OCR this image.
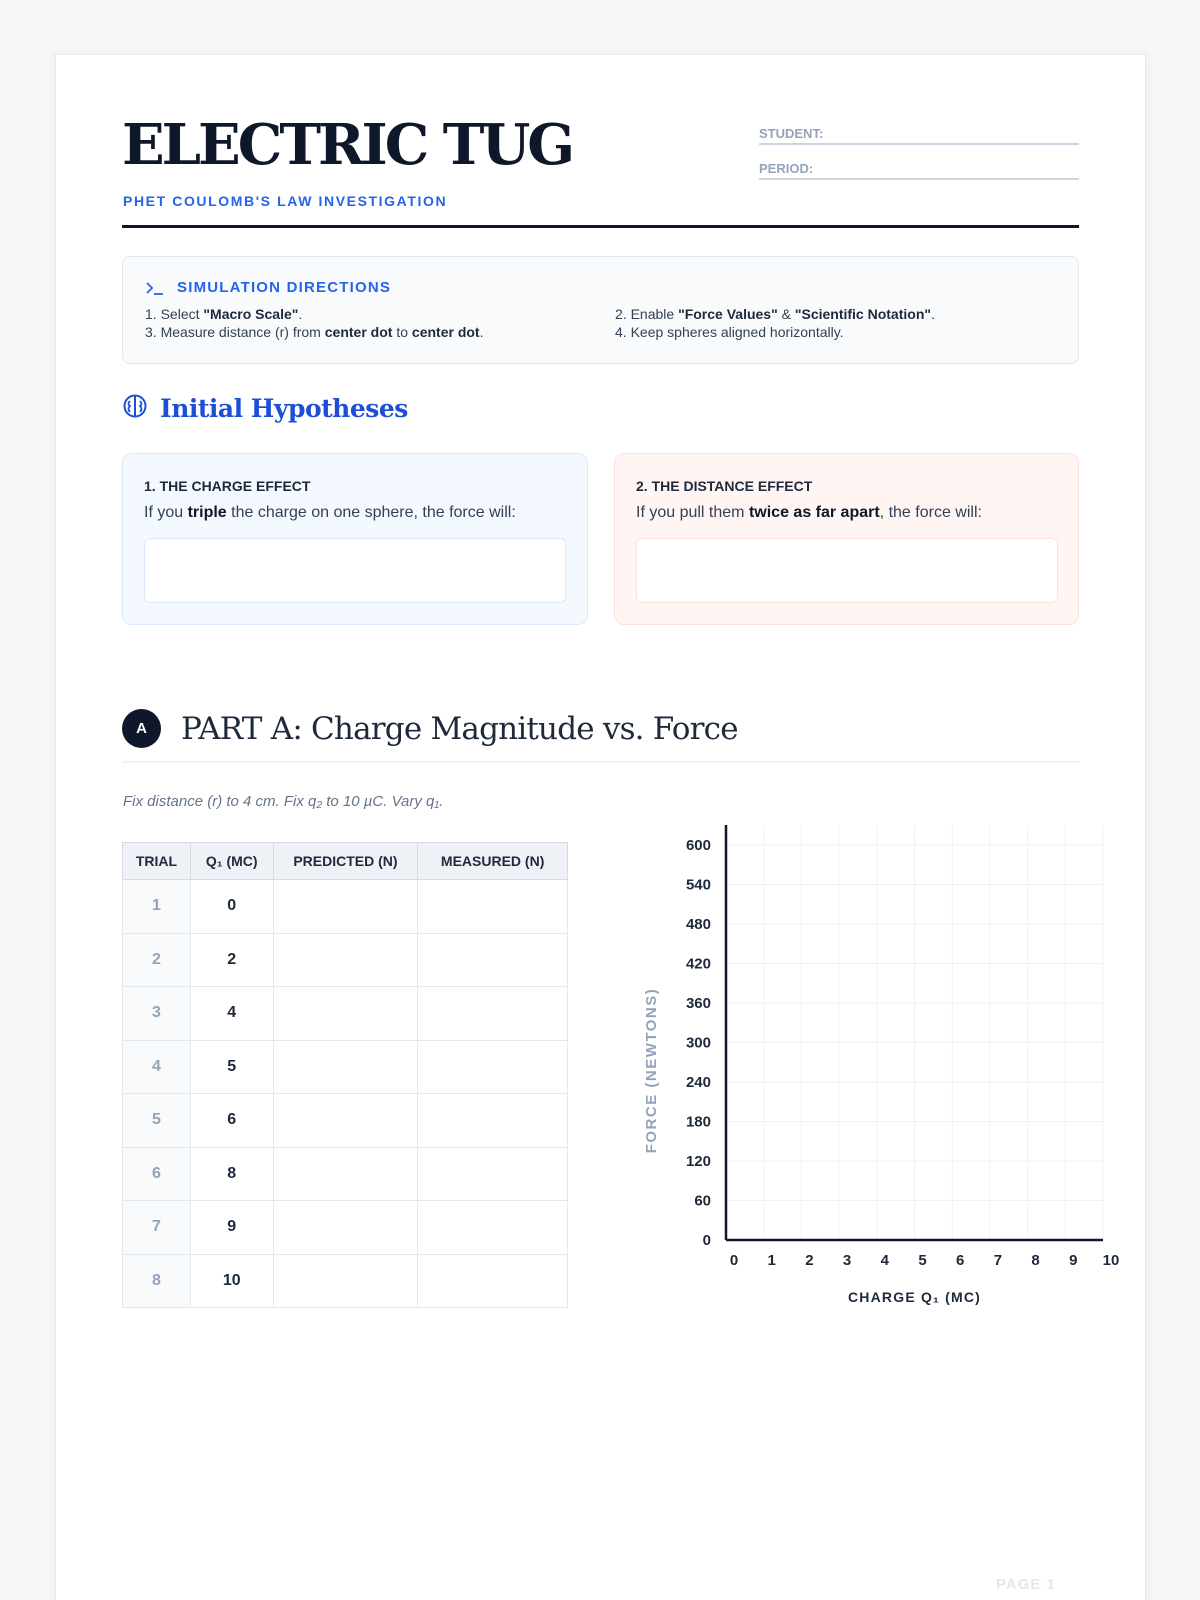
ELECTRIC TUG
PHET COULOMB'S LAW INVESTIGATION
STUDENT:
PERIOD:
SIMULATION DIRECTIONS
1. Select "Macro Scale".	2. Enable "Force Values" & "Scientific Notation".
3. Measure distance (r) from center dot to center dot.	4. Keep spheres aligned horizontally.
Initial Hypotheses
1. THE CHARGE EFFECT
If you triple the charge on one sphere, the force will:
2. THE DISTANCE EFFECT
If you pull them twice as far apart, the force will:
A	PART A: Charge Magnitude vs. Force
Fix distance (r) to 4 cm. Fix q₂ to 10 µC. Vary q₁.
TRIAL	Q₁ (MC)	PREDICTED (N)	MEASURED (N)
1	0		
2	2		
3	4		
4	5		
5	6		
6	8		
7	9		
8	10		
0
60
120
180
240
300
360
420
480
540
600
0 1 2 3 4 5 6 7 8 9 10
CHARGE Q₁ (MC)
FORCE (NEWTONS)
PAGE 1
